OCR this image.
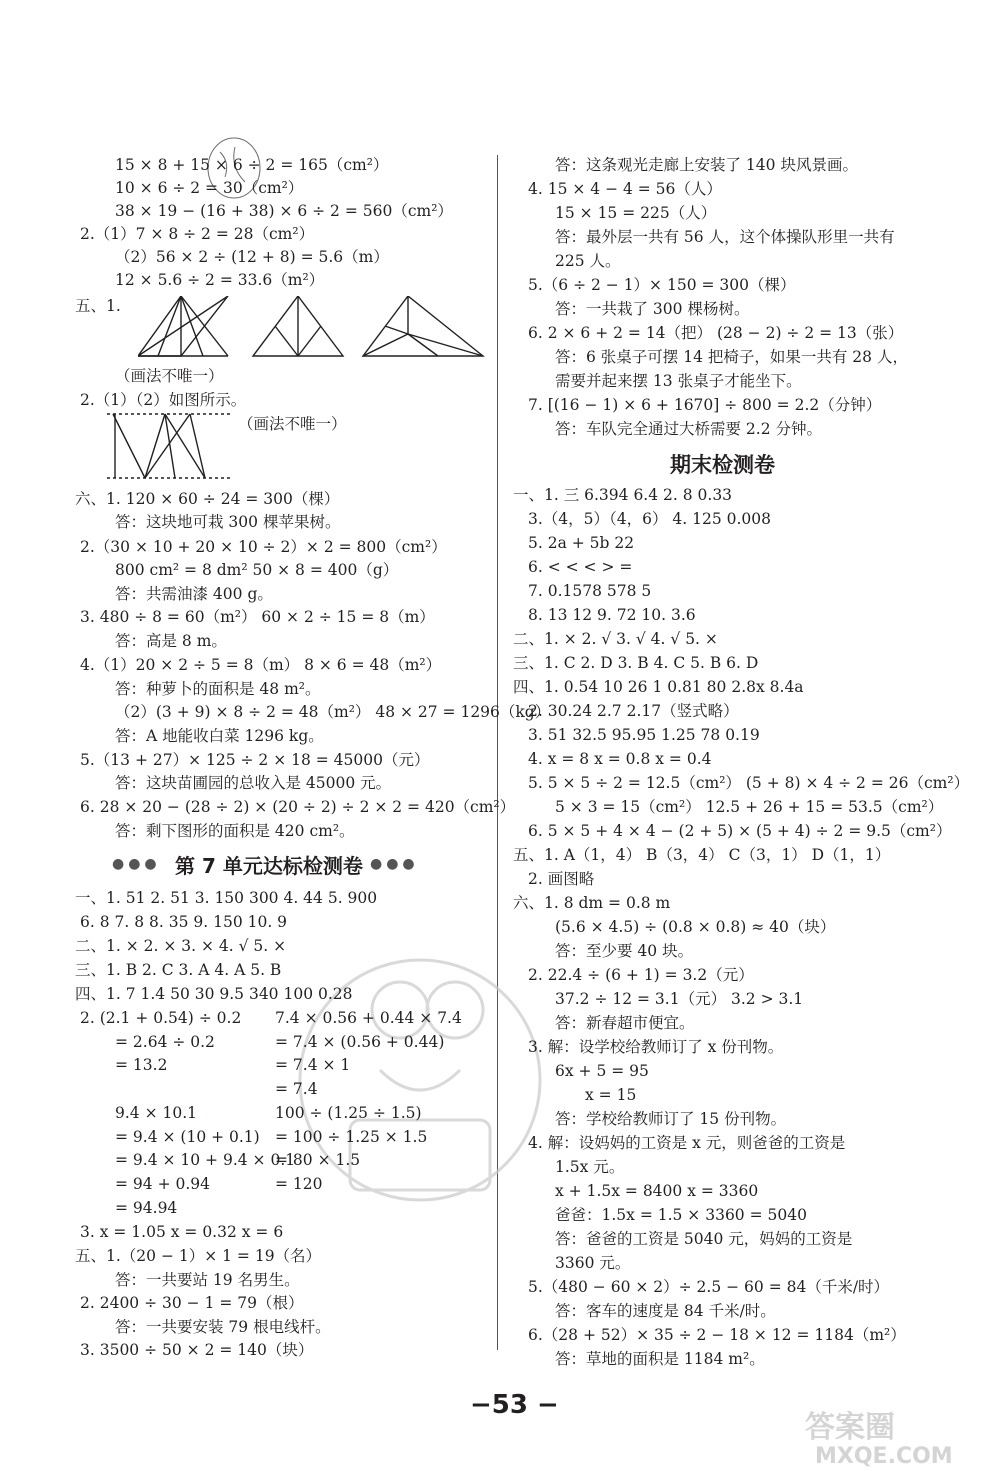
●●● 第 7 单元达标检测卷 ●●●
期末检测卷
答案圈
MXQE.COM
−53 −
15 × 8 + 15 × 6 ÷ 2 = 165（cm²）
10 × 6 ÷ 2 = 30（cm²）
38 × 19 − (16 + 38) × 6 ÷ 2 = 560（cm²）
2.（1）7 × 8 ÷ 2 = 28（cm²）
（2）56 × 2 ÷ (12 + 8) = 5.6（m）
12 × 5.6 ÷ 2 = 33.6（m²）
五、1.
（画法不唯一）
2.（1）（2）如图所示。
（画法不唯一）
六、1. 120 × 60 ÷ 24 = 300（棵）
答：这块地可栽 300 棵苹果树。
2.（30 × 10 + 20 × 10 ÷ 2）× 2 = 800（cm²）
800 cm² = 8 dm² 50 × 8 = 400（g）
答：共需油漆 400 g。
3. 480 ÷ 8 = 60（m²） 60 × 2 ÷ 15 = 8（m）
答：高是 8 m。
4.（1）20 × 2 ÷ 5 = 8（m） 8 × 6 = 48（m²）
答：种萝卜的面积是 48 m²。
（2）(3 + 9) × 8 ÷ 2 = 48（m²） 48 × 27 = 1296（kg）
答：A 地能收白菜 1296 kg。
5.（13 + 27）× 125 ÷ 2 × 18 = 45000（元）
答：这块苗圃园的总收入是 45000 元。
6. 28 × 20 − (28 ÷ 2) × (20 ÷ 2) ÷ 2 × 2 = 420（cm²）
答：剩下图形的面积是 420 cm²。
一、1. 51 2. 51 3. 150 300 4. 44 5. 900
6. 8 7. 8 8. 35 9. 150 10. 9
二、1. × 2. × 3. × 4. √ 5. ×
三、1. B 2. C 3. A 4. A 5. B
四、1. 7 1.4 50 30 9.5 340 100 0.28
2. (2.1 + 0.54) ÷ 0.2
= 2.64 ÷ 0.2
= 13.2
7.4 × 0.56 + 0.44 × 7.4
= 7.4 × (0.56 + 0.44)
= 7.4 × 1
= 7.4
9.4 × 10.1
= 9.4 × (10 + 0.1)
= 9.4 × 10 + 9.4 × 0.1
= 94 + 0.94
= 94.94
100 ÷ (1.25 ÷ 1.5)
= 100 ÷ 1.25 × 1.5
= 80 × 1.5
= 120
3. x = 1.05 x = 0.32 x = 6
五、1.（20 − 1）× 1 = 19（名）
答：一共要站 19 名男生。
2. 2400 ÷ 30 − 1 = 79（根）
答：一共要安装 79 根电线杆。
3. 3500 ÷ 50 × 2 = 140（块）
答：这条观光走廊上安装了 140 块风景画。
4. 15 × 4 − 4 = 56（人）
15 × 15 = 225（人）
答：最外层一共有 56 人，这个体操队形里一共有
225 人。
5.（6 ÷ 2 − 1）× 150 = 300（棵）
答：一共栽了 300 棵杨树。
6. 2 × 6 + 2 = 14（把） (28 − 2) ÷ 2 = 13（张）
答：6 张桌子可摆 14 把椅子，如果一共有 28 人，
需要并起来摆 13 张桌子才能坐下。
7. [(16 − 1) × 6 + 1670] ÷ 800 = 2.2（分钟）
答：车队完全通过大桥需要 2.2 分钟。
一、1. 三 6.394 6.4 2. 8 0.33
3.（4，5）（4，6） 4. 125 0.008
5. 2a + 5b 22
6. < < < > =
7. 0.1578 578 5
8. 13 12 9. 72 10. 3.6
二、1. × 2. √ 3. √ 4. √ 5. ×
三、1. C 2. D 3. B 4. C 5. B 6. D
四、1. 0.54 10 26 1 0.81 80 2.8x 8.4a
2. 30.24 2.7 2.17（竖式略）
3. 51 32.5 95.95 1.25 78 0.19
4. x = 8 x = 0.8 x = 0.4
5. 5 × 5 ÷ 2 = 12.5（cm²） (5 + 8) × 4 ÷ 2 = 26（cm²）
5 × 3 = 15（cm²） 12.5 + 26 + 15 = 53.5（cm²）
6. 5 × 5 + 4 × 4 − (2 + 5) × (5 + 4) ÷ 2 = 9.5（cm²）
五、1. A（1，4） B（3，4） C（3，1） D（1，1）
2. 画图略
六、1. 8 dm = 0.8 m
(5.6 × 4.5) ÷ (0.8 × 0.8) ≈ 40（块）
答：至少要 40 块。
2. 22.4 ÷ (6 + 1) = 3.2（元）
37.2 ÷ 12 = 3.1（元） 3.2 > 3.1
答：新春超市便宜。
3. 解：设学校给教师订了 x 份刊物。
6x + 5 = 95
x = 15
答：学校给教师订了 15 份刊物。
4. 解：设妈妈的工资是 x 元，则爸爸的工资是
1.5x 元。
x + 1.5x = 8400 x = 3360
爸爸：1.5x = 1.5 × 3360 = 5040
答：爸爸的工资是 5040 元，妈妈的工资是
3360 元。
5.（480 − 60 × 2）÷ 2.5 − 60 = 84（千米/时）
答：客车的速度是 84 千米/时。
6.（28 + 52）× 35 ÷ 2 − 18 × 12 = 1184（m²）
答：草地的面积是 1184 m²。
